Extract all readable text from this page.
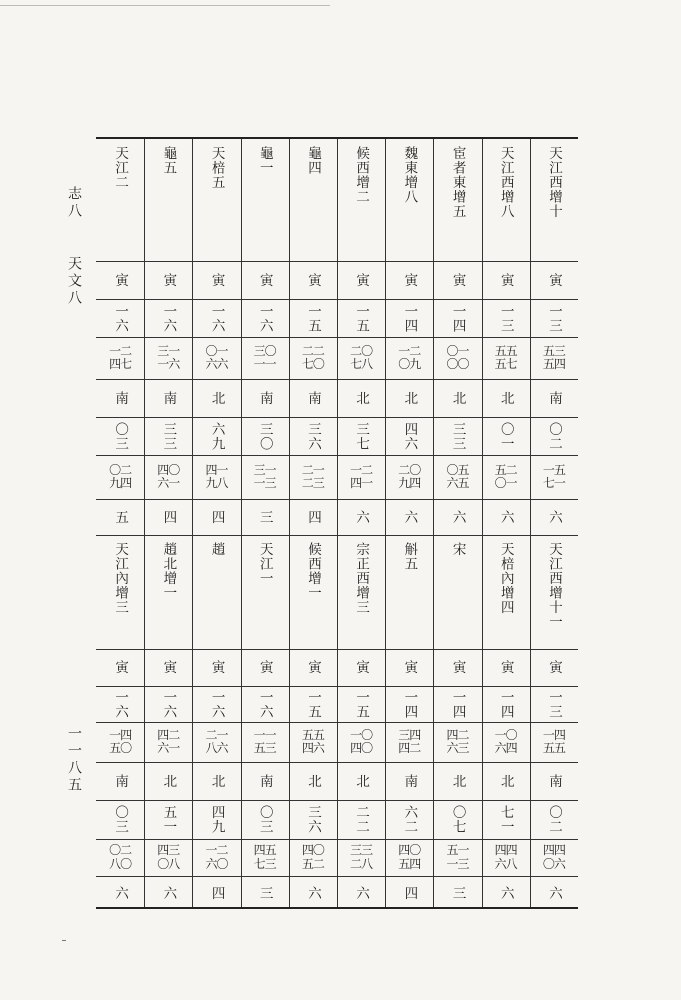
志八
天文八
一一八五
天江二
寅
一六
一二
四七
南
〇三
〇二
九四
五
龜五
寅
一六
三一
一六
南
三三
四〇
六一
四
天棓五
寅
一六
〇一
六六
北
六九
四一
九八
四
龜一
寅
一六
三〇
一一
南
三〇
三一
一三
三
龜四
寅
一五
二二
七〇
南
三六
二一
二三
四
候西增二
寅
一五
二〇
七八
北
三七
一二
四一
六
魏東增八
寅
一四
一二
〇九
北
四六
二〇
九四
六
宦者東增五
寅
一四
〇一
〇〇
北
三三
〇五
六五
六
天江西增八
寅
一三
五五
五七
北
〇一
五二
〇一
六
天江西增十
寅
一三
五三
五四
南
〇二
一五
七一
六
天江內增三
寅
一六
一四
五〇
南
〇三
〇二
八〇
六
趙北增一
寅
一六
四二
六一
北
五一
四三
〇八
六
趙
寅
一六
二一
八六
北
四九
一二
六〇
四
天江一
寅
一六
一一
五三
南
〇三
四五
七三
三
候西增一
寅
一五
五五
四六
北
三六
四〇
五二
六
宗正西增三
寅
一五
一〇
四〇
北
二二
三三
二八
六
斛五
寅
一四
三四
四二
南
六二
四〇
五四
四
宋
寅
一四
四二
六三
北
〇七
五一
一三
三
天棓內增四
寅
一四
一〇
六四
北
七一
四四
六八
六
天江西增十一
寅
一三
一四
五五
南
〇二
四四
〇六
六
